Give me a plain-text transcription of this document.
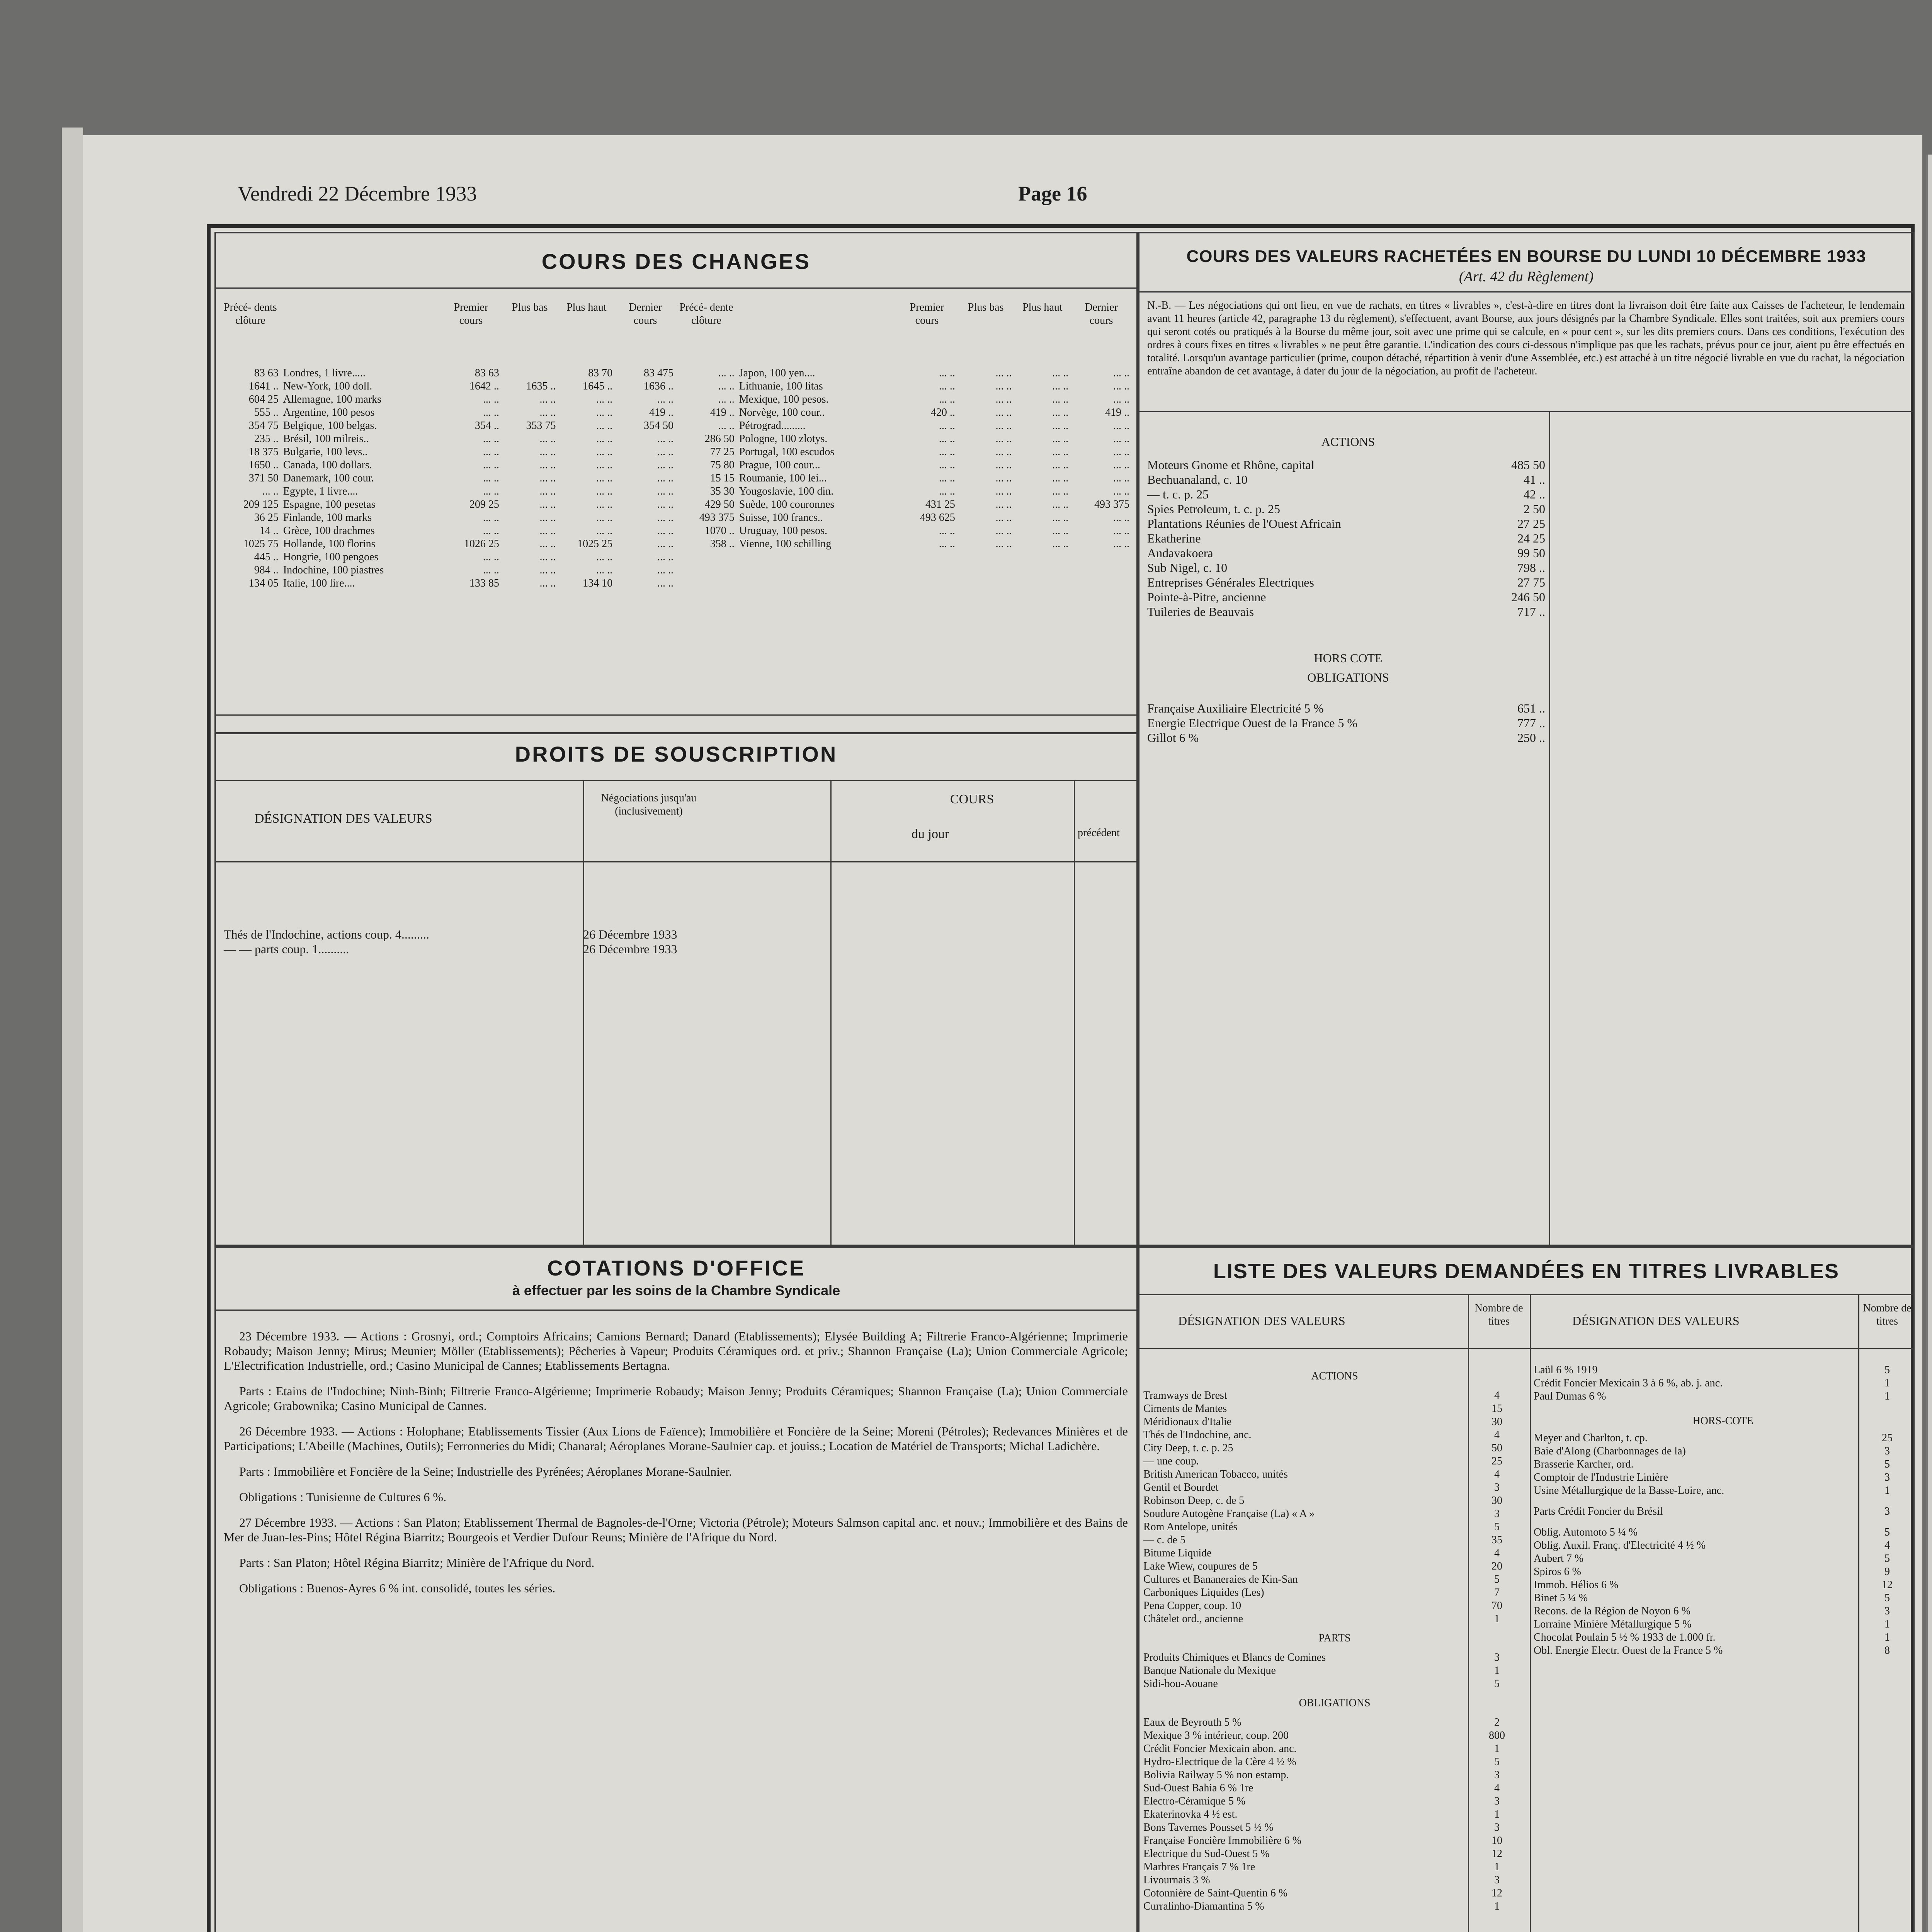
Vendredi 22 Décembre 1933	Page 16
COURS DES CHANGES
Précé- dents clôture		Premier cours	Plus bas	Plus haut	Dernier cours
83 63	Londres, 1 livre.....	83 63		83 70	83 475
1641 ..	New-York, 100 doll.	1642 ..	1635 ..	1645 ..	1636 ..
604 25	Allemagne, 100 marks	... ..	... ..	... ..	... ..
555 ..	Argentine, 100 pesos	... ..	... ..	... ..	419 ..
354 75	Belgique, 100 belgas.	354 ..	353 75	... ..	354 50
235 ..	Brésil, 100 milreis..	... ..	... ..	... ..	... ..
18 375	Bulgarie, 100 levs..	... ..	... ..	... ..	... ..
1650 ..	Canada, 100 dollars.	... ..	... ..	... ..	... ..
371 50	Danemark, 100 cour.	... ..	... ..	... ..	... ..
... ..	Egypte, 1 livre....	... ..	... ..	... ..	... ..
209 125	Espagne, 100 pesetas	209 25	... ..	... ..	... ..
36 25	Finlande, 100 marks	... ..	... ..	... ..	... ..
14 ..	Grèce, 100 drachmes	... ..	... ..	... ..	... ..
1025 75	Hollande, 100 florins	1026 25	... ..	1025 25	... ..
445 ..	Hongrie, 100 pengoes	... ..	... ..	... ..	... ..
984 ..	Indochine, 100 piastres	... ..	... ..	... ..	... ..
134 05	Italie, 100 lire....	133 85	... ..	134 10	... ..
Précé- dente clôture		Premier cours	Plus bas	Plus haut	Dernier cours
... ..	Japon, 100 yen....	... ..	... ..	... ..	... ..
... ..	Lithuanie, 100 litas	... ..	... ..	... ..	... ..
... ..	Mexique, 100 pesos.	... ..	... ..	... ..	... ..
419 ..	Norvège, 100 cour..	420 ..	... ..	... ..	419 ..
... ..	Pétrograd.........	... ..	... ..	... ..	... ..
286 50	Pologne, 100 zlotys.	... ..	... ..	... ..	... ..
77 25	Portugal, 100 escudos	... ..	... ..	... ..	... ..
75 80	Prague, 100 cour...	... ..	... ..	... ..	... ..
15 15	Roumanie, 100 lei...	... ..	... ..	... ..	... ..
35 30	Yougoslavie, 100 din.	... ..	... ..	... ..	... ..
429 50	Suède, 100 couronnes	431 25	... ..	... ..	493 375
493 375	Suisse, 100 francs..	493 625	... ..	... ..	... ..
1070 ..	Uruguay, 100 pesos.	... ..	... ..	... ..	... ..
358 ..	Vienne, 100 schilling	... ..	... ..	... ..	... ..
DROITS DE SOUSCRIPTION
DÉSIGNATION DES VALEURS
Négociations jusqu'au (inclusivement)
COURS
du jour	précédent
Thés de l'Indochine, actions coup. 4.........	26 Décembre 1933
— — parts coup. 1..........	26 Décembre 1933
COURS DES VALEURS RACHETÉES EN BOURSE DU LUNDI 10 DÉCEMBRE 1933
(Art. 42 du Règlement)
N.-B. — Les négociations qui ont lieu, en vue de rachats, en titres « livrables », c'est-à-dire en titres dont la livraison doit être faite aux Caisses de l'acheteur, le lendemain avant 11 heures (article 42, paragraphe 13 du règlement), s'effectuent, avant Bourse, aux jours désignés par la Chambre Syndicale. Elles sont traitées, soit aux premiers cours qui seront cotés ou pratiqués à la Bourse du même jour, soit avec une prime qui se calcule, en « pour cent », sur les dits premiers cours. Dans ces conditions, l'exécution des ordres à cours fixes en titres « livrables » ne peut être garantie. L'indication des cours ci-dessous n'implique pas que les rachats, prévus pour ce jour, aient pu être effectués en totalité. Lorsqu'un avantage particulier (prime, coupon détaché, répartition à venir d'une Assemblée, etc.) est attaché à un titre négocié livrable en vue du rachat, la négociation entraîne abandon de cet avantage, à dater du jour de la négociation, au profit de l'acheteur.
ACTIONS
Moteurs Gnome et Rhône, capital	485 50
Bechuanaland, c. 10	41 ..
— t. c. p. 25	42 ..
Spies Petroleum, t. c. p. 25	2 50
Plantations Réunies de l'Ouest Africain	27 25
Ekatherine	24 25
Andavakoera	99 50
Sub Nigel, c. 10	798 ..
Entreprises Générales Electriques	27 75
Pointe-à-Pitre, ancienne	246 50
Tuileries de Beauvais	717 ..
HORS COTE
OBLIGATIONS
Française Auxiliaire Electricité 5 %	651 ..
Energie Electrique Ouest de la France 5 %	777 ..
Gillot 6 %	250 ..
COTATIONS D'OFFICE
à effectuer par les soins de la Chambre Syndicale
23 Décembre 1933. — Actions : Grosnyi, ord.; Comptoirs Africains; Camions Bernard; Danard (Etablissements); Elysée Building A; Filtrerie Franco-Algérienne; Imprimerie Robaudy; Maison Jenny; Mirus; Meunier; Möller (Etablissements); Pêcheries à Vapeur; Produits Céramiques ord. et priv.; Shannon Française (La); Union Commerciale Agricole; L'Electrification Industrielle, ord.; Casino Municipal de Cannes; Etablissements Bertagna.
Parts : Etains de l'Indochine; Ninh-Binh; Filtrerie Franco-Algérienne; Imprimerie Robaudy; Maison Jenny; Produits Céramiques; Shannon Française (La); Union Commerciale Agricole; Grabownika; Casino Municipal de Cannes.
26 Décembre 1933. — Actions : Holophane; Etablissements Tissier (Aux Lions de Faïence); Immobilière et Foncière de la Seine; Moreni (Pétroles); Redevances Minières et de Participations; L'Abeille (Machines, Outils); Ferronneries du Midi; Chanaral; Aéroplanes Morane-Saulnier cap. et jouiss.; Location de Matériel de Transports; Michal Ladichère.
Parts : Immobilière et Foncière de la Seine; Industrielle des Pyrénées; Aéroplanes Morane-Saulnier.
Obligations : Tunisienne de Cultures 6 %.
27 Décembre 1933. — Actions : San Platon; Etablissement Thermal de Bagnoles-de-l'Orne; Victoria (Pétrole); Moteurs Salmson capital anc. et nouv.; Immobilière et des Bains de Mer de Juan-les-Pins; Hôtel Régina Biarritz; Bourgeois et Verdier Dufour Reuns; Minière de l'Afrique du Nord.
Parts : San Platon; Hôtel Régina Biarritz; Minière de l'Afrique du Nord.
Obligations : Buenos-Ayres 6 % int. consolidé, toutes les séries.
LISTE DES VALEURS DEMANDÉES EN TITRES LIVRABLES
DÉSIGNATION DES VALEURS
Nombre de titres	DÉSIGNATION DES VALEURS
Nombre de titres
ACTIONS
Tramways de Brest	4
Ciments de Mantes	15
Méridionaux d'Italie	30
Thés de l'Indochine, anc.	4
City Deep, t. c. p. 25	50
— une coup.	25
British American Tobacco, unités	4
Gentil et Bourdet	3
Robinson Deep, c. de 5	30
Soudure Autogène Française (La) « A »	3
Rom Antelope, unités	5
— c. de 5	35
Bitume Liquide	4
Lake Wiew, coupures de 5	20
Cultures et Bananeraies de Kin-San	5
Carboniques Liquides (Les)	7
Pena Copper, coup. 10	70
Châtelet ord., ancienne	1
PARTS
Produits Chimiques et Blancs de Comines	3
Banque Nationale du Mexique	1
Sidi-bou-Aouane	5
OBLIGATIONS
Eaux de Beyrouth 5 %	2
Mexique 3 % intérieur, coup. 200	800
Crédit Foncier Mexicain abon. anc.	1
Hydro-Electrique de la Cère 4 ½ %	5
Bolivia Railway 5 % non estamp.	3
Sud-Ouest Bahia 6 % 1re	4
Electro-Céramique 5 %	3
Ekaterinovka 4 ½ est.	1
Bons Tavernes Pousset 5 ½ %	3
Française Foncière Immobilière 6 %	10
Electrique du Sud-Ouest 5 %	12
Marbres Français 7 % 1re	1
Livournais 3 %	3
Cotonnière de Saint-Quentin 6 %	12
Curralinho-Diamantina 5 %	1
Laül 6 % 1919	5
Crédit Foncier Mexicain 3 à 6 %, ab. j. anc.	1
Paul Dumas 6 %	1
HORS-COTE
Meyer and Charlton, t. cp.	25
Baie d'Along (Charbonnages de la)	3
Brasserie Karcher, ord.	5
Comptoir de l'Industrie Linière	3
Usine Métallurgique de la Basse-Loire, anc.	1
Parts Crédit Foncier du Brésil	3
Oblig. Automoto 5 ¼ %	5
Oblig. Auxil. Franç. d'Electricité 4 ½ %	4
Aubert 7 %	5
Spiros 6 %	9
Immob. Hélios 6 %	12
Binet 5 ¼ %	5
Recons. de la Région de Noyon 6 %	3
Lorraine Minière Métallurgique 5 %	1
Chocolat Poulain 5 ½ % 1933 de 1.000 fr.	1
Obl. Energie Electr. Ouest de la France 5 %	8
